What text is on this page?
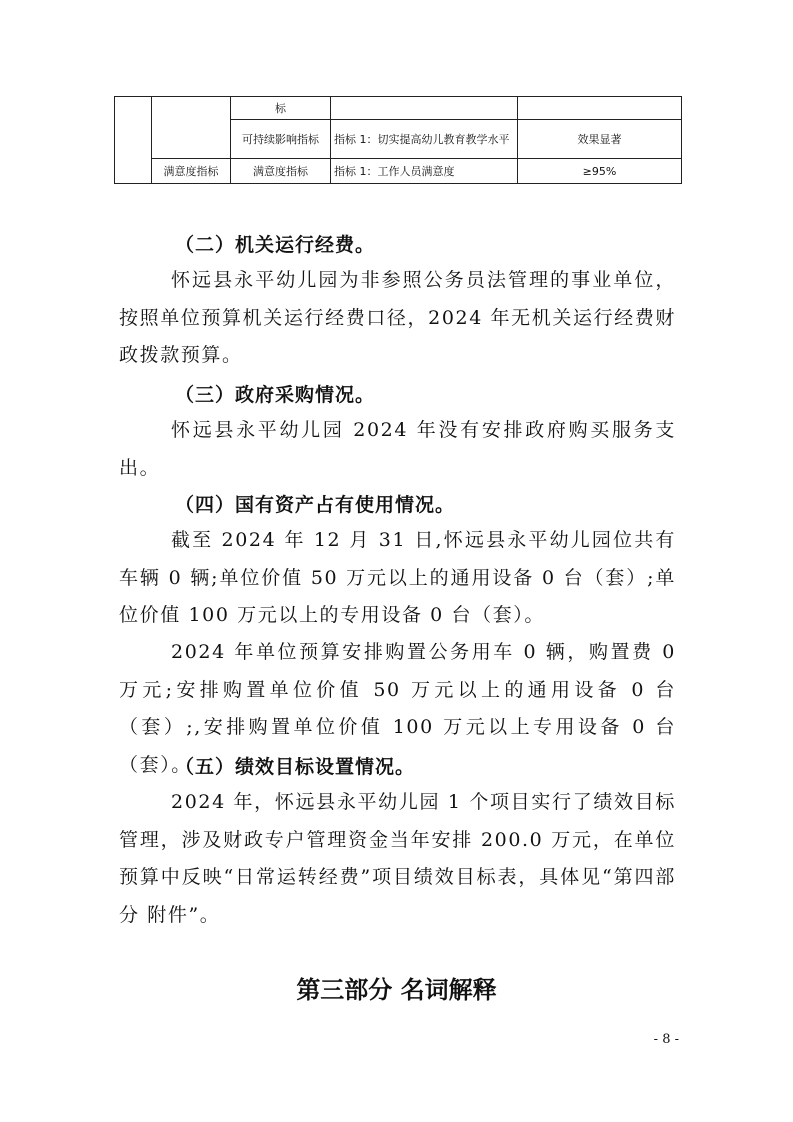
		标		
		可持续影响指标	指标 1：切实提高幼儿教育教学水平	效果显著
	满意度指标	满意度指标	指标 1：工作人员满意度	≥95%
（二）机关运行经费。
怀远县永平幼儿园为非参照公务员法管理的事业单位，按照单位预算机关运行经费口径，2024 年无机关运行经费财政拨款预算。
（三）政府采购情况。
怀远县永平幼儿园 2024 年没有安排政府购买服务支出。
（四）国有资产占有使用情况。
截至 2024 年 12 月 31 日,怀远县永平幼儿园位共有车辆 0 辆;单位价值 50 万元以上的通用设备 0 台（套）;单位价值 100 万元以上的专用设备 0 台（套）。
2024 年单位预算安排购置公务用车 0 辆，购置费 0 万元;安排购置单位价值 50 万元以上的通用设备 0 台（套）;,安排购置单位价值 100 万元以上专用设备 0 台（套）。
（五）绩效目标设置情况。
2024 年，怀远县永平幼儿园 1 个项目实行了绩效目标管理，涉及财政专户管理资金当年安排 200.0 万元，在单位预算中反映“日常运转经费”项目绩效目标表，具体见“第四部分 附件”。
第三部分 名词解释
- 8 -
